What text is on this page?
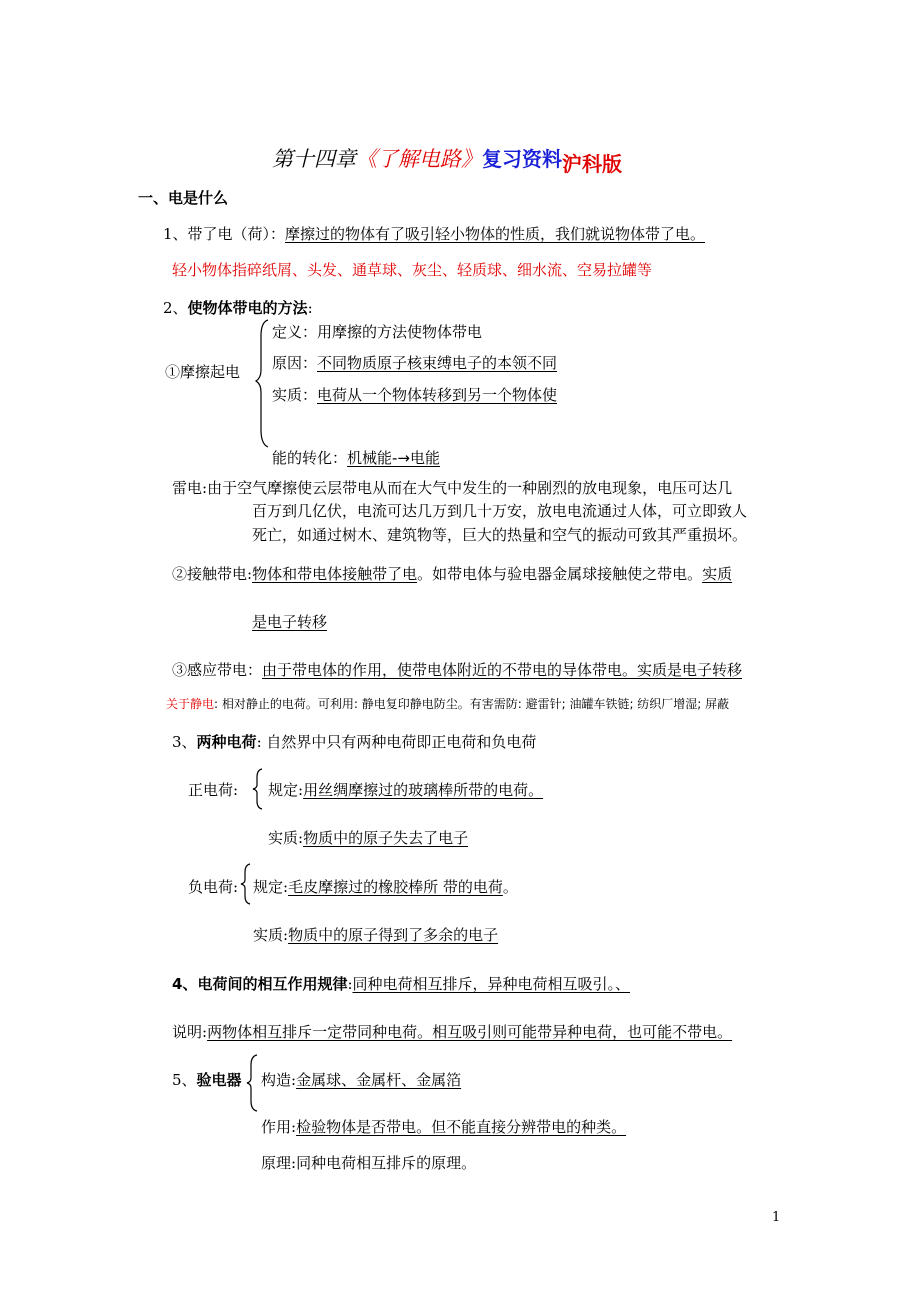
第十四章《了解电路》复习资料沪科版
一、电是什么
1、带了电（荷）：摩擦过的物体有了吸引轻小物体的性质，我们就说物体带了电。
轻小物体指碎纸屑、头发、通草球、灰尘、轻质球、细水流、空易拉罐等
2、使物体带电的方法:
①摩擦起电
定义：用摩擦的方法使物体带电
原因：不同物质原子核束缚电子的本领不同
实质：电荷从一个物体转移到另一个物体使
能的转化：机械能-→电能
雷电:由于空气摩擦使云层带电从而在大气中发生的一种剧烈的放电现象，电压可达几
百万到几亿伏，电流可达几万到几十万安，放电电流通过人体，可立即致人
死亡，如通过树木、建筑物等，巨大的热量和空气的振动可致其严重损坏。
②接触带电:物体和带电体接触带了电。如带电体与验电器金属球接触使之带电。实质
是电子转移
③感应带电：由于带电体的作用，使带电体附近的不带电的导体带电。实质是电子转移
关于静电: 相对静止的电荷。可利用: 静电复印静电防尘。有害需防: 避雷针; 油罐车铁链; 纺织厂增湿; 屏蔽
3、两种电荷: 自然界中只有两种电荷即正电荷和负电荷
正电荷: 规定:用丝绸摩擦过的玻璃棒所带的电荷。
实质:物质中的原子失去了电子
负电荷: 规定:毛皮摩擦过的橡胶棒所 带的电荷。
实质:物质中的原子得到了多余的电子
4、电荷间的相互作用规律:同种电荷相互排斥，异种电荷相互吸引。、
说明:两物体相互排斥一定带同种电荷。相互吸引则可能带异种电荷，也可能不带电。
5、验电器 构造:金属球、金属杆、金属箔
作用:检验物体是否带电。但不能直接分辨带电的种类。
原理:同种电荷相互排斥的原理。
1
